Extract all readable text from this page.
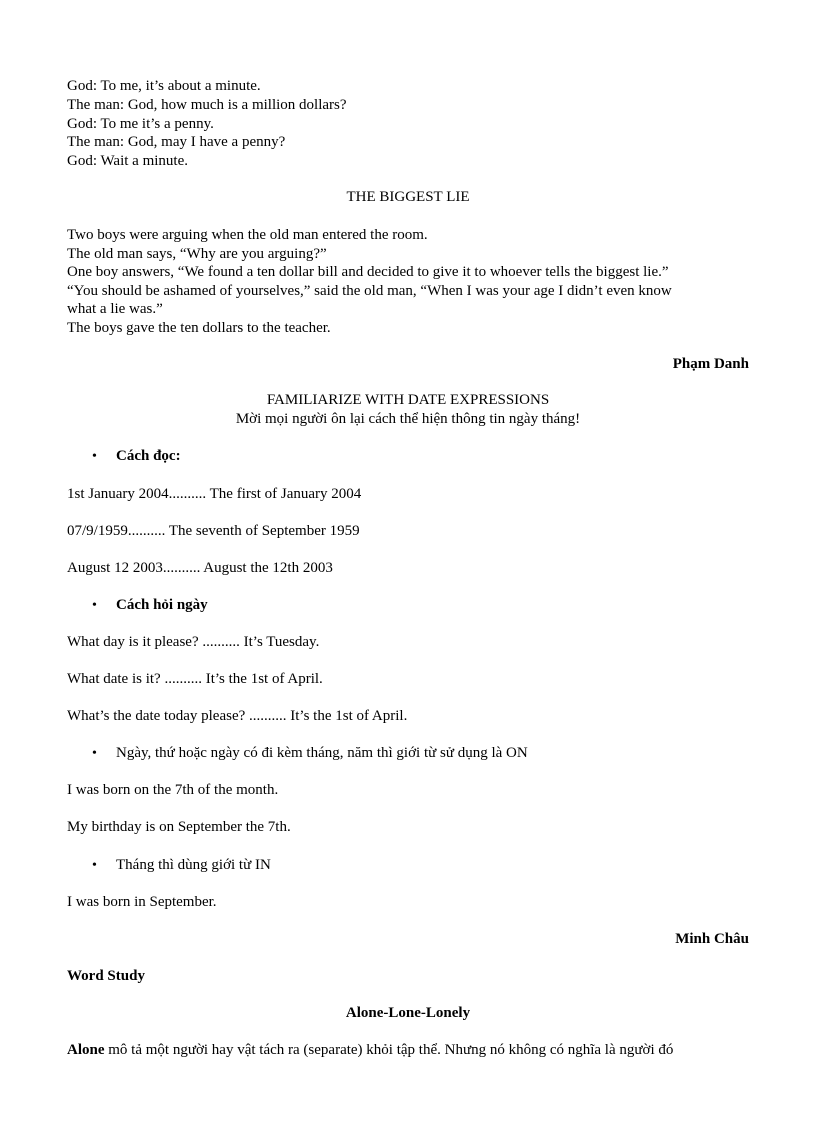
God: To me, it’s about a minute.
The man: God, how much is a million dollars?
God: To me it’s a penny.
The man: God, may I have a penny?
God: Wait a minute.
THE BIGGEST LIE
Two boys were arguing when the old man entered the room.
The old man says, “Why are you arguing?”
One boy answers, “We found a ten dollar bill and decided to give it to whoever tells the biggest lie.”
“You should be ashamed of yourselves,” said the old man, “When I was your age I didn’t even know
what a lie was.”
The boys gave the ten dollars to the teacher.
Phạm Danh
FAMILIARIZE WITH DATE EXPRESSIONS
Mời mọi người ôn lại cách thể hiện thông tin ngày tháng!
• Cách đọc:
1st January 2004.......... The first of January 2004
07/9/1959.......... The seventh of September 1959
August 12 2003.......... August the 12th 2003
• Cách hỏi ngày
What day is it please? .......... It’s Tuesday.
What date is it? .......... It’s the 1st of April.
What’s the date today please? .......... It’s the 1st of April.
• Ngày, thứ hoặc ngày có đi kèm tháng, năm thì giới từ sử dụng là ON
I was born on the 7th of the month.
My birthday is on September the 7th.
• Tháng thì dùng giới từ IN
I was born in September.
Minh Châu
Word Study
Alone-Lone-Lonely
Alone mô tả một người hay vật tách ra (separate) khỏi tập thể. Nhưng nó không có nghĩa là người đó
